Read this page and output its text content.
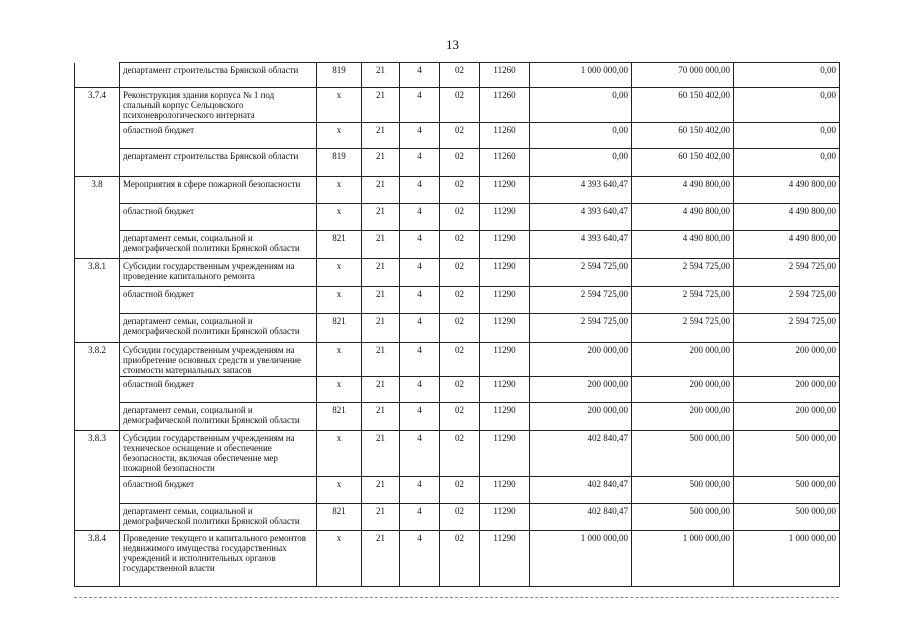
13
	департамент строительства Брянской области	819	21	4	02	11260	1 000 000,00	70 000 000,00	0,00
3.7.4	Реконструкция здания корпуса № 1 под спальный корпус Сельцовского психоневрологического интерната	х	21	4	02	11260	0,00	60 150 402,00	0,00
	областной бюджет	х	21	4	02	11260	0,00	60 150 402,00	0,00
	департамент строительства Брянской области	819	21	4	02	11260	0,00	60 150 402,00	0,00
3.8	Мероприятия в сфере пожарной безопасности	х	21	4	02	11290	4 393 640,47	4 490 800,00	4 490 800,00
	областной бюджет	х	21	4	02	11290	4 393 640,47	4 490 800,00	4 490 800,00
	департамент семьи, социальной и демографической политики Брянской области	821	21	4	02	11290	4 393 640,47	4 490 800,00	4 490 800,00
3.8.1	Субсидии государственным учреждениям на проведение капитального ремонта	х	21	4	02	11290	2 594 725,00	2 594 725,00	2 594 725,00
	областной бюджет	х	21	4	02	11290	2 594 725,00	2 594 725,00	2 594 725,00
	департамент семьи, социальной и демографической политики Брянской области	821	21	4	02	11290	2 594 725,00	2 594 725,00	2 594 725,00
3.8.2	Субсидии государственным учреждениям на приобретение основных средств и увеличение стоимости материальных запасов	х	21	4	02	11290	200 000,00	200 000,00	200 000,00
	областной бюджет	х	21	4	02	11290	200 000,00	200 000,00	200 000,00
	департамент семьи, социальной и демографической политики Брянской области	821	21	4	02	11290	200 000,00	200 000,00	200 000,00
3.8.3	Субсидии государственным учреждениям на техническое оснащение и обеспечение безопасности, включая обеспечение мер пожарной безопасности	х	21	4	02	11290	402 840,47	500 000,00	500 000,00
	областной бюджет	х	21	4	02	11290	402 840,47	500 000,00	500 000,00
	департамент семьи, социальной и демографической политики Брянской области	821	21	4	02	11290	402 840,47	500 000,00	500 000,00
3.8.4	Проведение текущего и капитального ремонтов недвижимого имущества государственных учреждений и исполнительных органов государственной власти	х	21	4	02	11290	1 000 000,00	1 000 000,00	1 000 000,00
